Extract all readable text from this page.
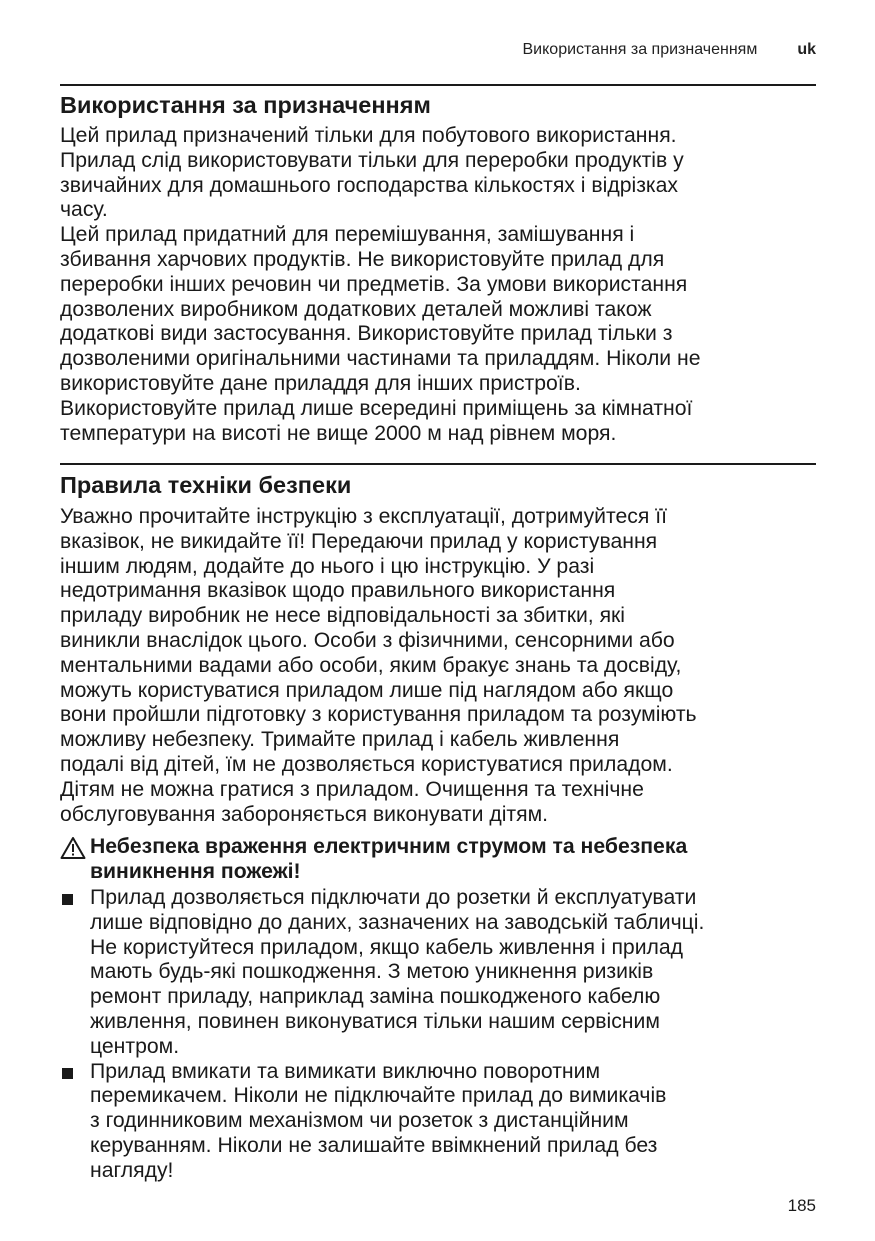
Використання за призначенням	uk
Використання за призначенням
Цей прилад призначений тільки для побутового використання.
Прилад слід використовувати тільки для переробки продуктів у
звичайних для домашнього господарства кількостях і відрізках
часу.
Цей прилад придатний для перемішування, замішування і
збивання харчових продуктів. Не використовуйте прилад для
переробки інших речовин чи предметів. За умови використання
дозволених виробником додаткових деталей можливі також
додаткові види застосування. Використовуйте прилад тільки з
дозволеними оригінальними частинами та приладдям. Ніколи не
використовуйте дане приладдя для інших пристроїв.
Використовуйте прилад лише всередині приміщень за кімнатної
температури на висоті не вище 2000 м над рівнем моря.
Правила техніки безпеки
Уважно прочитайте інструкцію з експлуатації, дотримуйтеся її
вказівок, не викидайте її! Передаючи прилад у користування
іншим людям, додайте до нього і цю інструкцію. У разі
недотримання вказівок щодо правильного використання
приладу виробник не несе відповідальності за збитки, які
виникли внаслідок цього. Особи з фізичними, сенсорними або
ментальними вадами або особи, яким бракує знань та досвіду,
можуть користуватися приладом лише під наглядом або якщо
вони пройшли підготовку з користування приладом та розуміють
можливу небезпеку. Тримайте прилад і кабель живлення
подалі від дітей, їм не дозволяється користуватися приладом.
Дітям не можна гратися з приладом. Очищення та технічне
обслуговування забороняється виконувати дітям.
Небезпека враження електричним струмом та небезпека
виникнення пожежі!
Прилад дозволяється підключати до розетки й експлуатувати
лише відповідно до даних, зазначених на заводській табличці.
Не користуйтеся приладом, якщо кабель живлення і прилад
мають будь-які пошкодження. З метою уникнення ризиків
ремонт приладу, наприклад заміна пошкодженого кабелю
живлення, повинен виконуватися тільки нашим сервісним
центром.
Прилад вмикати та вимикати виключно поворотним
перемикачем. Ніколи не підключайте прилад до вимикачів
з годинниковим механізмом чи розеток з дистанційним
керуванням. Ніколи не залишайте ввімкнений прилад без
нагляду!
185
